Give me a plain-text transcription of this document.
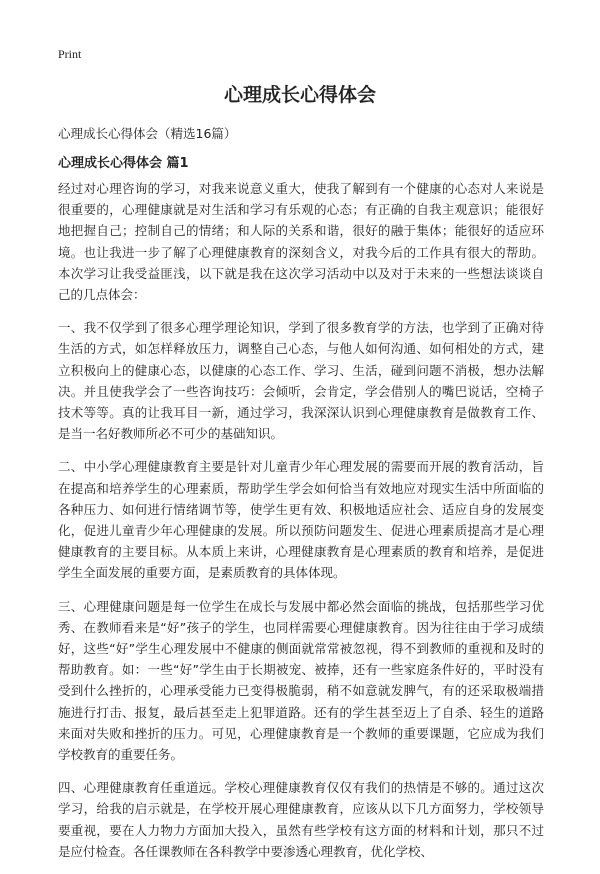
Print
心理成长心得体会

心理成长心得体会（精选16篇）

心理成长心得体会 篇1

经过对心理咨询的学习，对我来说意义重大，使我了解到有一个健康的心态对人来说是很重要的，心理健康就是对生活和学习有乐观的心态；有正确的自我主观意识；能很好地把握自己；控制自己的情绪；和人际的关系和谐，很好的融于集体；能很好的适应环境。也让我进一步了解了心理健康教育的深刻含义，对我今后的工作具有很大的帮助。本次学习让我受益匪浅，以下就是我在这次学习活动中以及对于未来的一些想法谈谈自己的几点体会：

一、我不仅学到了很多心理学理论知识，学到了很多教育学的方法，也学到了正确对待生活的方式，如怎样释放压力，调整自己心态，与他人如何沟通、如何相处的方式，建立积极向上的健康心态，以健康的心态工作、学习、生活，碰到问题不消极，想办法解决。并且使我学会了一些咨询技巧：会倾听，会肯定，学会借别人的嘴巴说话，空椅子技术等等。真的让我耳目一新，通过学习，我深深认识到心理健康教育是做教育工作、是当一名好教师所必不可少的基础知识。

二、中小学心理健康教育主要是针对儿童青少年心理发展的需要而开展的教育活动，旨在提高和培养学生的心理素质，帮助学生学会如何恰当有效地应对现实生活中所面临的各种压力、如何进行情绪调节等，使学生更有效、积极地适应社会、适应自身的发展变化，促进儿童青少年心理健康的发展。所以预防问题发生、促进心理素质提高才是心理健康教育的主要目标。从本质上来讲，心理健康教育是心理素质的教育和培养，是促进学生全面发展的重要方面，是素质教育的具体体现。

三、心理健康问题是每一位学生在成长与发展中都必然会面临的挑战，包括那些学习优秀、在教师看来是“好”孩子的学生，也同样需要心理健康教育。因为往往由于学习成绩好，这些“好”学生心理发展中不健康的侧面就常常被忽视，得不到教师的重视和及时的帮助教育。如：一些“好”学生由于长期被宠、被捧，还有一些家庭条件好的，平时没有受到什么挫折的，心理承受能力已变得极脆弱，稍不如意就发脾气，有的还采取极端措施进行打击、报复，最后甚至走上犯罪道路。还有的学生甚至迈上了自杀、轻生的道路来面对失败和挫折的压力。可见，心理健康教育是一个教师的重要课题，它应成为我们学校教育的重要任务。

四、心理健康教育任重道远。学校心理健康教育仅仅有我们的热情是不够的。通过这次学习，给我的启示就是，在学校开展心理健康教育，应该从以下几方面努力，学校领导要重视，要在人力物力方面加大投入，虽然有些学校有这方面的材料和计划，那只不过是应付检查。各任课教师在各科教学中要渗透心理教育，优化学校、
